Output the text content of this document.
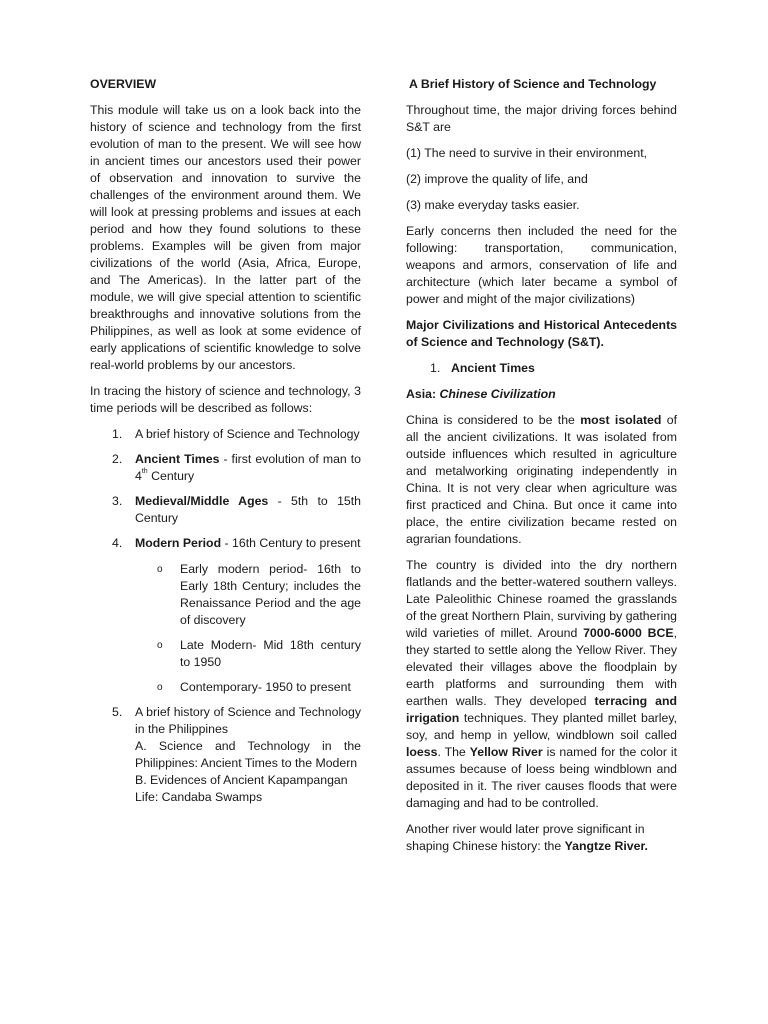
OVERVIEW

This module will take us on a look back into the history of science and technology from the first evolution of man to the present. We will see how in ancient times our ancestors used their power of observation and innovation to survive the challenges of the environment around them. We will look at pressing problems and issues at each period and how they found solutions to these problems. Examples will be given from major civilizations of the world (Asia, Africa, Europe, and The Americas). In the latter part of the module, we will give special attention to scientific breakthroughs and innovative solutions from the Philippines, as well as look at some evidence of early applications of scientific knowledge to solve real-world problems by our ancestors.

In tracing the history of science and technology, 3 time periods will be described as follows:

1. A brief history of Science and Technology
2. Ancient Times - first evolution of man to 4th Century
3. Medieval/Middle Ages - 5th to 15th Century
4. Modern Period - 16th Century to present
o Early modern period- 16th to Early 18th Century; includes the Renaissance Period and the age of discovery
o Late Modern- Mid 18th century to 1950
o Contemporary- 1950 to present
5. A brief history of Science and Technology in the Philippines
A. Science and Technology in the Philippines: Ancient Times to the Modern
B. Evidences of Ancient Kapampangan Life: Candaba Swamps
A Brief History of Science and Technology

Throughout time, the major driving forces behind S&T are

(1) The need to survive in their environment,

(2) improve the quality of life, and

(3) make everyday tasks easier.

Early concerns then included the need for the following: transportation, communication, weapons and armors, conservation of life and architecture (which later became a symbol of power and might of the major civilizations)

Major Civilizations and Historical Antecedents of Science and Technology (S&T).

1. Ancient Times

Asia: Chinese Civilization

China is considered to be the most isolated of all the ancient civilizations. It was isolated from outside influences which resulted in agriculture and metalworking originating independently in China. It is not very clear when agriculture was first practiced and China. But once it came into place, the entire civilization became rested on agrarian foundations.

The country is divided into the dry northern flatlands and the better-watered southern valleys. Late Paleolithic Chinese roamed the grasslands of the great Northern Plain, surviving by gathering wild varieties of millet. Around 7000-6000 BCE, they started to settle along the Yellow River. They elevated their villages above the floodplain by earth platforms and surrounding them with earthen walls. They developed terracing and irrigation techniques. They planted millet barley, soy, and hemp in yellow, windblown soil called loess. The Yellow River is named for the color it assumes because of loess being windblown and deposited in it. The river causes floods that were damaging and had to be controlled.

Another river would later prove significant in shaping Chinese history: the Yangtze River.
